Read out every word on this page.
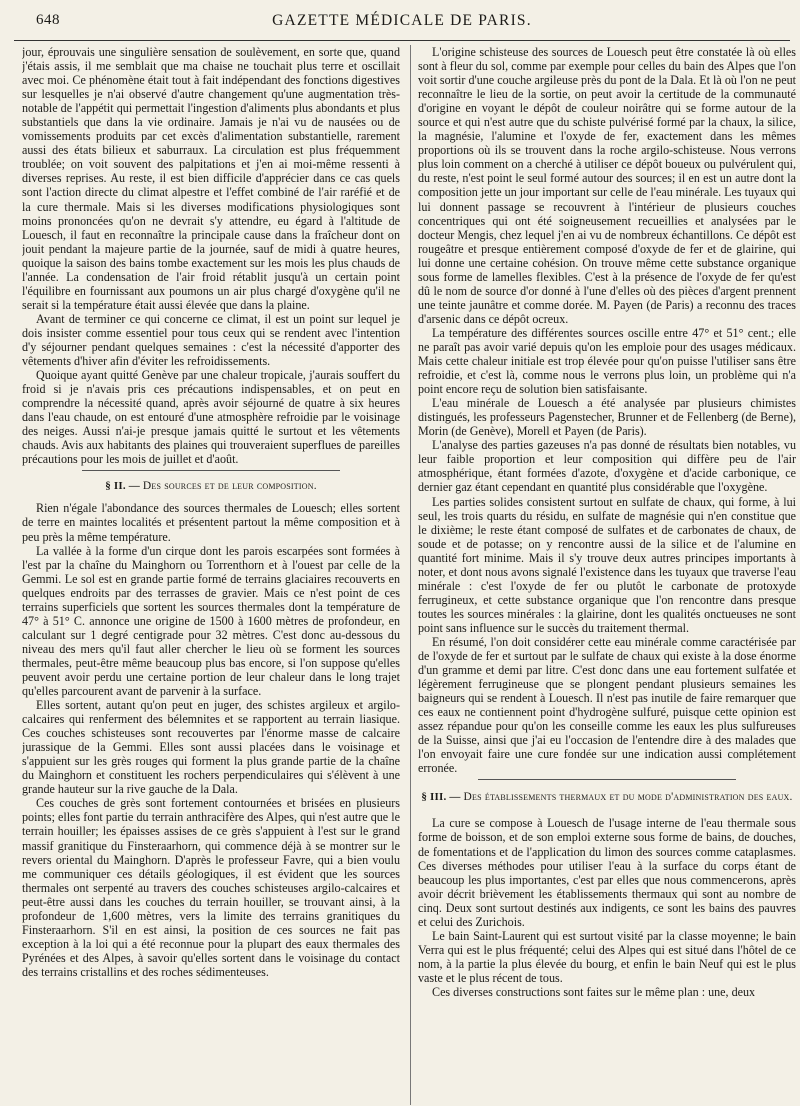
648	GAZETTE MÉDICALE DE PARIS.

jour, éprouvais une singulière sensation de soulèvement, en sorte que, quand j'étais assis, il me semblait que ma chaise ne touchait plus terre et oscillait avec moi. Ce phénomène était tout à fait indépendant des fonctions digestives sur lesquelles je n'ai observé d'autre changement qu'une augmentation très-notable de l'appétit qui permettait l'ingestion d'aliments plus abondants et plus substantiels que dans la vie ordinaire. Jamais je n'ai vu de nausées ou de vomissements produits par cet excès d'alimentation substantielle, rarement aussi des états bilieux et saburraux. La circulation est plus fréquemment troublée; on voit souvent des palpitations et j'en ai moi-même ressenti à diverses reprises. Au reste, il est bien difficile d'apprécier dans ce cas quels sont l'action directe du climat alpestre et l'effet combiné de l'air raréfié et de la cure thermale. Mais si les diverses modifications physiologiques sont moins prononcées qu'on ne devrait s'y attendre, eu égard à l'altitude de Louesch, il faut en reconnaître la principale cause dans la fraîcheur dont on jouit pendant la majeure partie de la journée, sauf de midi à quatre heures, quoique la saison des bains tombe exactement sur les mois les plus chauds de l'année. La condensation de l'air froid rétablit jusqu'à un certain point l'équilibre en fournissant aux poumons un air plus chargé d'oxygène qu'il ne serait si la température était aussi élevée que dans la plaine.

Avant de terminer ce qui concerne ce climat, il est un point sur lequel je dois insister comme essentiel pour tous ceux qui se rendent avec l'intention d'y séjourner pendant quelques semaines : c'est la nécessité d'apporter des vêtements d'hiver afin d'éviter les refroidissements.

Quoique ayant quitté Genève par une chaleur tropicale, j'aurais souffert du froid si je n'avais pris ces précautions indispensables, et on peut en comprendre la nécessité quand, après avoir séjourné de quatre à six heures dans l'eau chaude, on est entouré d'une atmosphère refroidie par le voisinage des neiges. Aussi n'ai-je presque jamais quitté le surtout et les vêtements chauds. Avis aux habitants des plaines qui trouveraient superflues de pareilles précautions pour les mois de juillet et d'août.

§ II. — Des sources et de leur composition.

Rien n'égale l'abondance des sources thermales de Louesch; elles sortent de terre en maintes localités et présentent partout la même composition et à peu près la même température.

La vallée à la forme d'un cirque dont les parois escarpées sont formées à l'est par la chaîne du Mainghorn ou Torrenthorn et à l'ouest par celle de la Gemmi. Le sol est en grande partie formé de terrains glaciaires recouverts en quelques endroits par des terrasses de gravier. Mais ce n'est point de ces terrains superficiels que sortent les sources thermales dont la température de 47° à 51° C. annonce une origine de 1500 à 1600 mètres de profondeur, en calculant sur 1 degré centigrade pour 32 mètres. C'est donc au-dessous du niveau des mers qu'il faut aller chercher le lieu où se forment les sources thermales, peut-être même beaucoup plus bas encore, si l'on suppose qu'elles peuvent avoir perdu une certaine portion de leur chaleur dans le long trajet qu'elles parcourent avant de parvenir à la surface.

Elles sortent, autant qu'on peut en juger, des schistes argileux et argilo-calcaires qui renferment des bélemnites et se rapportent au terrain liasique. Ces couches schisteuses sont recouvertes par l'énorme masse de calcaire jurassique de la Gemmi. Elles sont aussi placées dans le voisinage et s'appuient sur les grès rouges qui forment la plus grande partie de la chaîne du Mainghorn et constituent les rochers perpendiculaires qui s'élèvent à une grande hauteur sur la rive gauche de la Dala.

Ces couches de grès sont fortement contournées et brisées en plusieurs points; elles font partie du terrain anthracifère des Alpes, qui n'est autre que le terrain houiller; les épaisses assises de ce grès s'appuient à l'est sur le grand massif granitique du Finsteraarhorn, qui commence déjà à se montrer sur le revers oriental du Mainghorn. D'après le professeur Favre, qui a bien voulu me communiquer ces détails géologiques, il est évident que les sources thermales ont serpenté au travers des couches schisteuses argilo-calcaires et peut-être aussi dans les couches du terrain houiller, se trouvant ainsi, à la profondeur de 1,600 mètres, vers la limite des terrains granitiques du Finsteraarhorn. S'il en est ainsi, la position de ces sources ne fait pas exception à la loi qui a été reconnue pour la plupart des eaux thermales des Pyrénées et des Alpes, à savoir qu'elles sortent dans le voisinage du contact des terrains cristallins et des roches sédimenteuses.

L'origine schisteuse des sources de Louesch peut être constatée là où elles sont à fleur du sol, comme par exemple pour celles du bain des Alpes que l'on voit sortir d'une couche argileuse près du pont de la Dala. Et là où l'on ne peut reconnaître le lieu de la sortie, on peut avoir la certitude de la communauté d'origine en voyant le dépôt de couleur noirâtre qui se forme autour de la source et qui n'est autre que du schiste pulvérisé formé par la chaux, la silice, la magnésie, l'alumine et l'oxyde de fer, exactement dans les mêmes proportions où ils se trouvent dans la roche argilo-schisteuse. Nous verrons plus loin comment on a cherché à utiliser ce dépôt boueux ou pulvérulent qui, du reste, n'est point le seul formé autour des sources; il en est un autre dont la composition jette un jour important sur celle de l'eau minérale. Les tuyaux qui lui donnent passage se recouvrent à l'intérieur de plusieurs couches concentriques qui ont été soigneusement recueillies et analysées par le docteur Mengis, chez lequel j'en ai vu de nombreux échantillons. Ce dépôt est rougeâtre et presque entièrement composé d'oxyde de fer et de glairine, qui lui donne une certaine cohésion. On trouve même cette substance organique sous forme de lamelles flexibles. C'est à la présence de l'oxyde de fer qu'est dû le nom de source d'or donné à l'une d'elles où des pièces d'argent prennent une teinte jaunâtre et comme dorée. M. Payen (de Paris) a reconnu des traces d'arsenic dans ce dépôt ocreux.

La température des différentes sources oscille entre 47° et 51° cent.; elle ne paraît pas avoir varié depuis qu'on les emploie pour des usages médicaux. Mais cette chaleur initiale est trop élevée pour qu'on puisse l'utiliser sans être refroidie, et c'est là, comme nous le verrons plus loin, un problème qui n'a point encore reçu de solution bien satisfaisante.

L'eau minérale de Louesch a été analysée par plusieurs chimistes distingués, les professeurs Pagenstecher, Brunner et de Fellenberg (de Berne), Morin (de Genève), Morell et Payen (de Paris).

L'analyse des parties gazeuses n'a pas donné de résultats bien notables, vu leur faible proportion et leur composition qui diffère peu de l'air atmosphérique, étant formées d'azote, d'oxygène et d'acide carbonique, ce dernier gaz étant cependant en quantité plus considérable que l'oxygène.

Les parties solides consistent surtout en sulfate de chaux, qui forme, à lui seul, les trois quarts du résidu, en sulfate de magnésie qui n'en constitue que le dixième; le reste étant composé de sulfates et de carbonates de chaux, de soude et de potasse; on y rencontre aussi de la silice et de l'alumine en quantité fort minime. Mais il s'y trouve deux autres principes importants à noter, et dont nous avons signalé l'existence dans les tuyaux que traverse l'eau minérale : c'est l'oxyde de fer ou plutôt le carbonate de protoxyde ferrugineux, et cette substance organique que l'on rencontre dans presque toutes les sources minérales : la glairine, dont les qualités onctueuses ne sont point sans influence sur le succès du traitement thermal.

En résumé, l'on doit considérer cette eau minérale comme caractérisée par de l'oxyde de fer et surtout par le sulfate de chaux qui existe à la dose énorme d'un gramme et demi par litre. C'est donc dans une eau fortement sulfatée et légèrement ferrugineuse que se plongent pendant plusieurs semaines les baigneurs qui se rendent à Louesch. Il n'est pas inutile de faire remarquer que ces eaux ne contiennent point d'hydrogène sulfuré, puisque cette opinion est assez répandue pour qu'on les conseille comme les eaux les plus sulfureuses de la Suisse, ainsi que j'ai eu l'occasion de l'entendre dire à des malades que l'on envoyait faire une cure fondée sur une indication aussi complétement erronée.

§ III. — Des établissements thermaux et du mode d'administration des eaux.

La cure se compose à Louesch de l'usage interne de l'eau thermale sous forme de boisson, et de son emploi externe sous forme de bains, de douches, de fomentations et de l'application du limon des sources comme cataplasmes. Ces diverses méthodes pour utiliser l'eau à la surface du corps étant de beaucoup les plus importantes, c'est par elles que nous commencerons, après avoir décrit brièvement les établissements thermaux qui sont au nombre de cinq. Deux sont surtout destinés aux indigents, ce sont les bains des pauvres et celui des Zurichois.

Le bain Saint-Laurent qui est surtout visité par la classe moyenne; le bain Verra qui est le plus fréquenté; celui des Alpes qui est situé dans l'hôtel de ce nom, à la partie la plus élevée du bourg, et enfin le bain Neuf qui est le plus vaste et le plus récent de tous.

Ces diverses constructions sont faites sur le même plan : une, deux
